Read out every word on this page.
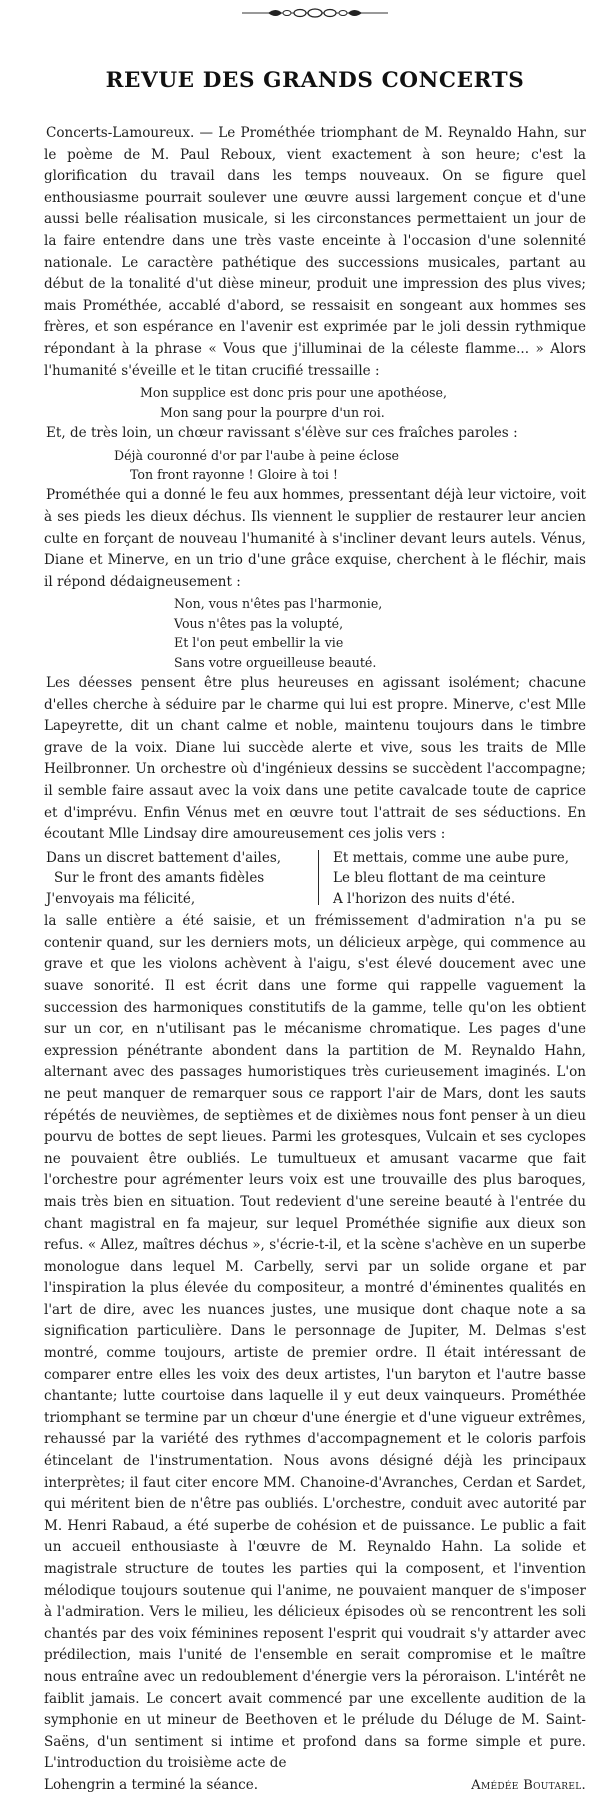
REVUE DES GRANDS CONCERTS

Concerts-Lamoureux. — Le Prométhée triomphant de M. Reynaldo Hahn, sur le poème de M. Paul Reboux, vient exactement à son heure; c'est la glorification du travail dans les temps nouveaux. On se figure quel enthousiasme pourrait soulever une œuvre aussi largement conçue et d'une aussi belle réalisation musicale, si les circonstances permettaient un jour de la faire entendre dans une très vaste enceinte à l'occasion d'une solennité nationale. Le caractère pathétique des successions musicales, partant au début de la tonalité d'ut dièse mineur, produit une impression des plus vives; mais Prométhée, accablé d'abord, se ressaisit en songeant aux hommes ses frères, et son espérance en l'avenir est exprimée par le joli dessin rythmique répondant à la phrase « Vous que j'illuminai de la céleste flamme... » Alors l'humanité s'éveille et le titan crucifié tressaille :

Mon supplice est donc pris pour une apothéose,
Mon sang pour la pourpre d'un roi.

Et, de très loin, un chœur ravissant s'élève sur ces fraîches paroles :

Déjà couronné d'or par l'aube à peine éclose
Ton front rayonne ! Gloire à toi !

Prométhée qui a donné le feu aux hommes, pressentant déjà leur victoire, voit à ses pieds les dieux déchus. Ils viennent le supplier de restaurer leur ancien culte en forçant de nouveau l'humanité à s'incliner devant leurs autels. Vénus, Diane et Minerve, en un trio d'une grâce exquise, cherchent à le fléchir, mais il répond dédaigneusement :

Non, vous n'êtes pas l'harmonie,
Vous n'êtes pas la volupté,
Et l'on peut embellir la vie
Sans votre orgueilleuse beauté.

Les déesses pensent être plus heureuses en agissant isolément; chacune d'elles cherche à séduire par le charme qui lui est propre. Minerve, c'est Mlle Lapeyrette, dit un chant calme et noble, maintenu toujours dans le timbre grave de la voix. Diane lui succède alerte et vive, sous les traits de Mlle Heilbronner. Un orchestre où d'ingénieux dessins se succèdent l'accompagne; il semble faire assaut avec la voix dans une petite cavalcade toute de caprice et d'imprévu. Enfin Vénus met en œuvre tout l'attrait de ses séductions. En écoutant Mlle Lindsay dire amoureusement ces jolis vers :

Dans un discret battement d'ailes,
Sur le front des amants fidèles
J'envoyais ma félicité,
Et mettais, comme une aube pure,
Le bleu flottant de ma ceinture
A l'horizon des nuits d'été.

la salle entière a été saisie, et un frémissement d'admiration n'a pu se contenir quand, sur les derniers mots, un délicieux arpège, qui commence au grave et que les violons achèvent à l'aigu, s'est élevé doucement avec une suave sonorité. Il est écrit dans une forme qui rappelle vaguement la succession des harmoniques constitutifs de la gamme, telle qu'on les obtient sur un cor, en n'utilisant pas le mécanisme chromatique. Les pages d'une expression pénétrante abondent dans la partition de M. Reynaldo Hahn, alternant avec des passages humoristiques très curieusement imaginés. L'on ne peut manquer de remarquer sous ce rapport l'air de Mars, dont les sauts répétés de neuvièmes, de septièmes et de dixièmes nous font penser à un dieu pourvu de bottes de sept lieues. Parmi les grotesques, Vulcain et ses cyclopes ne pouvaient être oubliés. Le tumultueux et amusant vacarme que fait l'orchestre pour agrémenter leurs voix est une trouvaille des plus baroques, mais très bien en situation. Tout redevient d'une sereine beauté à l'entrée du chant magistral en fa majeur, sur lequel Prométhée signifie aux dieux son refus. « Allez, maîtres déchus », s'écrie-t-il, et la scène s'achève en un superbe monologue dans lequel M. Carbelly, servi par un solide organe et par l'inspiration la plus élevée du compositeur, a montré d'éminentes qualités en l'art de dire, avec les nuances justes, une musique dont chaque note a sa signification particulière. Dans le personnage de Jupiter, M. Delmas s'est montré, comme toujours, artiste de premier ordre. Il était intéressant de comparer entre elles les voix des deux artistes, l'un baryton et l'autre basse chantante; lutte courtoise dans laquelle il y eut deux vainqueurs. Prométhée triomphant se termine par un chœur d'une énergie et d'une vigueur extrêmes, rehaussé par la variété des rythmes d'accompagnement et le coloris parfois étincelant de l'instrumentation. Nous avons désigné déjà les principaux interprètes; il faut citer encore MM. Chanoine-d'Avranches, Cerdan et Sardet, qui méritent bien de n'être pas oubliés. L'orchestre, conduit avec autorité par M. Henri Rabaud, a été superbe de cohésion et de puissance. Le public a fait un accueil enthousiaste à l'œuvre de M. Reynaldo Hahn. La solide et magistrale structure de toutes les parties qui la composent, et l'invention mélodique toujours soutenue qui l'anime, ne pouvaient manquer de s'imposer à l'admiration. Vers le milieu, les délicieux épisodes où se rencontrent les soli chantés par des voix féminines reposent l'esprit qui voudrait s'y attarder avec prédilection, mais l'unité de l'ensemble en serait compromise et le maître nous entraîne avec un redoublement d'énergie vers la péroraison. L'intérêt ne faiblit jamais. Le concert avait commencé par une excellente audition de la symphonie en ut mineur de Beethoven et le prélude du Déluge de M. Saint-Saëns, d'un sentiment si intime et profond dans sa forme simple et pure. L'introduction du troisième acte de

Lohengrin a terminé la séance.	Amédée Boutarel.
